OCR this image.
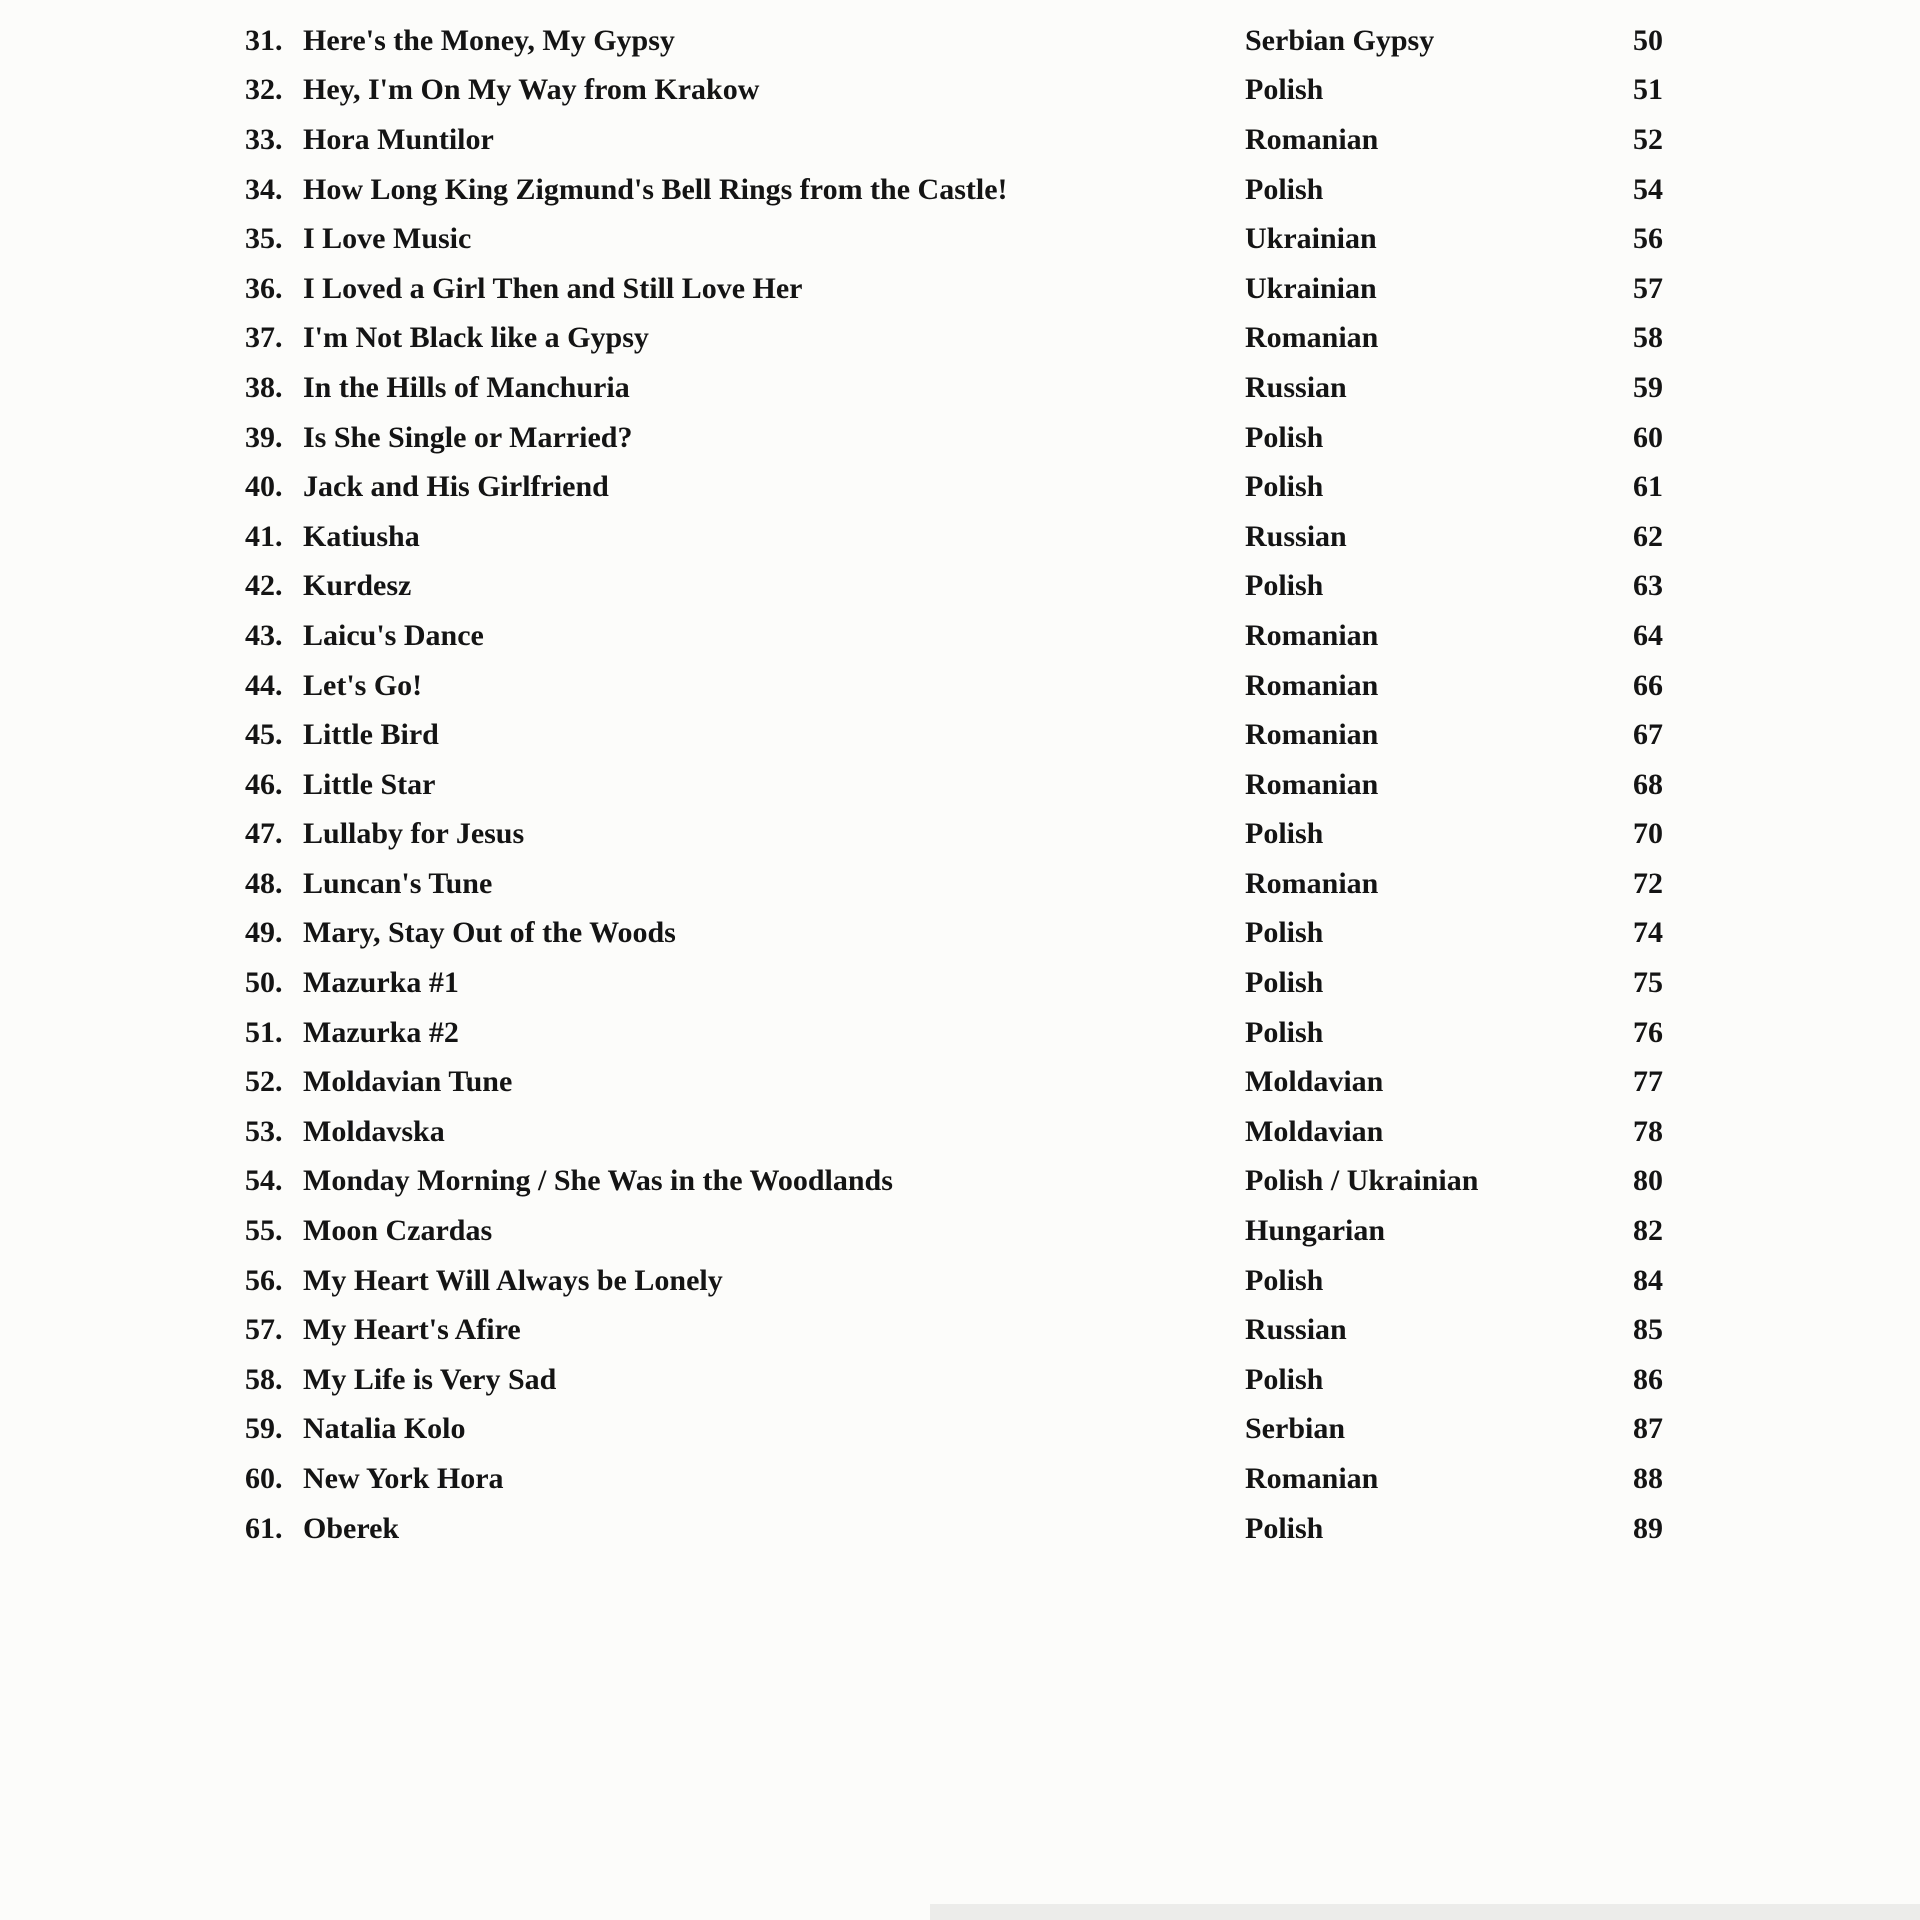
31. Here's the Money, My Gypsy	Serbian Gypsy	50
32. Hey, I'm On My Way from Krakow	Polish	51
33. Hora Muntilor	Romanian	52
34. How Long King Zigmund's Bell Rings from the Castle!	Polish	54
35. I Love Music	Ukrainian	56
36. I Loved a Girl Then and Still Love Her	Ukrainian	57
37. I'm Not Black like a Gypsy	Romanian	58
38. In the Hills of Manchuria	Russian	59
39. Is She Single or Married?	Polish	60
40. Jack and His Girlfriend	Polish	61
41. Katiusha	Russian	62
42. Kurdesz	Polish	63
43. Laicu's Dance	Romanian	64
44. Let's Go!	Romanian	66
45. Little Bird	Romanian	67
46. Little Star	Romanian	68
47. Lullaby for Jesus	Polish	70
48. Luncan's Tune	Romanian	72
49. Mary, Stay Out of the Woods	Polish	74
50. Mazurka #1	Polish	75
51. Mazurka #2	Polish	76
52. Moldavian Tune	Moldavian	77
53. Moldavska	Moldavian	78
54. Monday Morning / She Was in the Woodlands	Polish / Ukrainian	80
55. Moon Czardas	Hungarian	82
56. My Heart Will Always be Lonely	Polish	84
57. My Heart's Afire	Russian	85
58. My Life is Very Sad	Polish	86
59. Natalia Kolo	Serbian	87
60. New York Hora	Romanian	88
61. Oberek	Polish	89
